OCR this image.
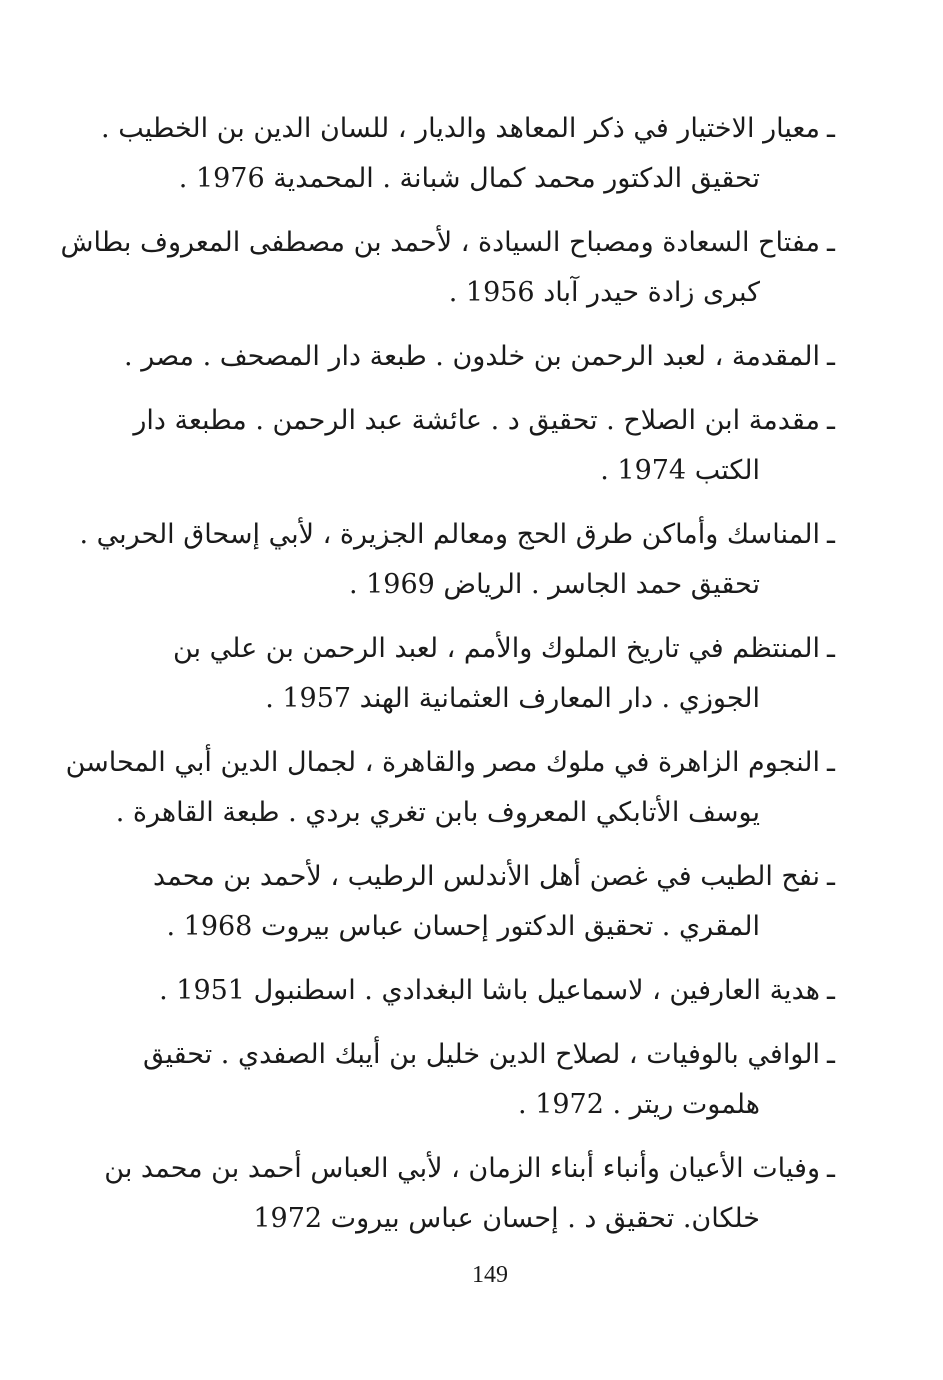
ـمعيار الاختيار في ذكر المعاهد والديار ، للسان الدين بن الخطيب .
تحقيق الدكتور محمد كمال شبانة . المحمدية 1976 .
ـمفتاح السعادة ومصباح السيادة ، لأحمد بن مصطفى المعروف بطاش
كبرى زادة حيدر آباد 1956 .
ـالمقدمة ، لعبد الرحمن بن خلدون . طبعة دار المصحف . مصر .
ـمقدمة ابن الصلاح . تحقيق د . عائشة عبد الرحمن . مطبعة دار
الكتب 1974 .
ـالمناسك وأماكن طرق الحج ومعالم الجزيرة ، لأبي إسحاق الحربي .
تحقيق حمد الجاسر . الرياض 1969 .
ـالمنتظم في تاريخ الملوك والأمم ، لعبد الرحمن بن علي بن
الجوزي . دار المعارف العثمانية الهند 1957 .
ـالنجوم الزاهرة في ملوك مصر والقاهرة ، لجمال الدين أبي المحاسن
يوسف الأتابكي المعروف بابن تغري بردي . طبعة القاهرة .
ـنفح الطيب في غصن أهل الأندلس الرطيب ، لأحمد بن محمد
المقري . تحقيق الدكتور إحسان عباس بيروت 1968 .
ـهدية العارفين ، لاسماعيل باشا البغدادي . اسطنبول 1951 .
ـالوافي بالوفيات ، لصلاح الدين خليل بن أيبك الصفدي . تحقيق
هلموت ريتر . 1972 .
ـوفيات الأعيان وأنباء أبناء الزمان ، لأبي العباس أحمد بن محمد بن
خلكان. تحقيق د . إحسان عباس بيروت 1972
149
